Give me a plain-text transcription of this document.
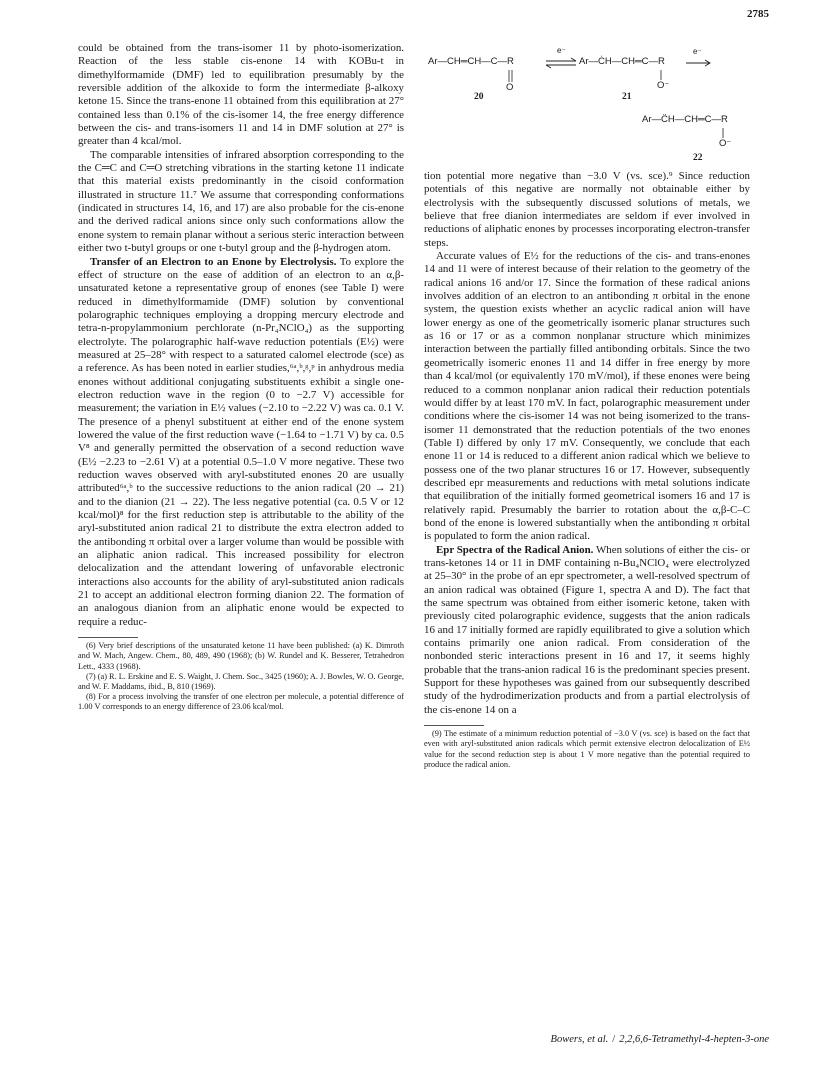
2785

could be obtained from the trans-isomer 11 by photo-isomerization. Reaction of the less stable cis-enone 14 with KOBu-t in dimethylformamide (DMF) led to equilibration presumably by the reversible addition of the alkoxide to form the intermediate β-alkoxy ketone 15. Since the trans-enone 11 obtained from this equilibration at 27° contained less than 0.1% of the cis-isomer 14, the free energy difference between the cis- and trans-isomers 11 and 14 in DMF solution at 27° is greater than 4 kcal/mol.

The comparable intensities of infrared absorption corresponding to the the C═C and C═O stretching vibrations in the starting ketone 11 indicate that this material exists predominantly in the cisoid conformation illustrated in structure 11.⁷ We assume that corresponding conformations (indicated in structures 14, 16, and 17) are also probable for the cis-enone and the derived radical anions since only such conformations allow the enone system to remain planar without a serious steric interaction between either two t-butyl groups or one t-butyl group and the β-hydrogen atom.

Transfer of an Electron to an Enone by Electrolysis. To explore the effect of structure on the ease of addition of an electron to an α,β-unsaturated ketone a representative group of enones (see Table I) were reduced in dimethylformamide (DMF) solution by conventional polarographic techniques employing a dropping mercury electrode and tetra-n-propylammonium perchlorate (n-Pr₄NClO₄) as the supporting electrolyte. The polarographic half-wave reduction potentials (E½) were measured at 25–28° with respect to a saturated calomel electrode (sce) as a reference. As has been noted in earlier studies,⁶ᵃ,ᵇ,ᵍ,ᵖ in anhydrous media enones without additional conjugating substituents exhibit a single one-electron reduction wave in the region (0 to −2.7 V) accessible for measurement; the variation in E½ values (−2.10 to −2.22 V) was ca. 0.1 V. The presence of a phenyl substituent at either end of the enone system lowered the value of the first reduction wave (−1.64 to −1.71 V) by ca. 0.5 V⁸ and generally permitted the observation of a second reduction wave (E½ −2.23 to −2.61 V) at a potential 0.5–1.0 V more negative. These two reduction waves observed with aryl-substituted enones 20 are usually attributed⁶ᵃ,ᵇ to the successive reductions to the anion radical (20 → 21) and to the dianion (21 → 22). The less negative potential (ca. 0.5 V or 12 kcal/mol)⁸ for the first reduction step is attributable to the ability of the aryl-substituted anion radical 21 to distribute the extra electron added to the antibonding π orbital over a larger volume than would be possible with an aliphatic anion radical. This increased possibility for electron delocalization and the attendant lowering of unfavorable electronic interactions also accounts for the ability of aryl-substituted anion radicals 21 to accept an additional electron forming dianion 22. The formation of an analogous dianion from an aliphatic enone would be expected to require a reduc-

(6) Very brief descriptions of the unsaturated ketone 11 have been published: (a) K. Dimroth and W. Mach, Angew. Chem., 80, 489, 490 (1968); (b) W. Rundel and K. Besserer, Tetrahedron Lett., 4333 (1968).

(7) (a) R. L. Erskine and E. S. Waight, J. Chem. Soc., 3425 (1960); A. J. Bowles, W. O. George, and W. F. Maddams, ibid., B, 810 (1969).

(8) For a process involving the transfer of one electron per molecule, a potential difference of 1.00 V corresponds to an energy difference of 23.06 kcal/mol.

Ar—CH═CH—C—R
O
e⁻
Ar—ĊH—CH═C—R
O⁻
e⁻
Ar—C̈H—CH═C—R
O⁻
20	21
22

tion potential more negative than −3.0 V (vs. sce).⁹ Since reduction potentials of this negative are normally not obtainable either by electrolysis with the subsequently discussed solutions of metals, we believe that free dianion intermediates are seldom if ever involved in reductions of aliphatic enones by processes incorporating electron-transfer steps.

Accurate values of E½ for the reductions of the cis- and trans-enones 14 and 11 were of interest because of their relation to the geometry of the radical anions 16 and/or 17. Since the formation of these radical anions involves addition of an electron to an antibonding π orbital in the enone system, the question exists whether an acyclic radical anion will have lower energy as one of the geometrically isomeric planar structures such as 16 or 17 or as a common nonplanar structure which minimizes interaction between the partially filled antibonding orbitals. Since the two geometrically isomeric enones 11 and 14 differ in free energy by more than 4 kcal/mol (or equivalently 170 mV/mol), if these enones were being reduced to a common nonplanar anion radical their reduction potentials would differ by at least 170 mV. In fact, polarographic measurement under conditions where the cis-isomer 14 was not being isomerized to the trans-isomer 11 demonstrated that the reduction potentials of the two enones (Table I) differed by only 17 mV. Consequently, we conclude that each enone 11 or 14 is reduced to a different anion radical which we believe to possess one of the two planar structures 16 or 17. However, subsequently described epr measurements and reductions with metal solutions indicate that equilibration of the initially formed geometrical isomers 16 and 17 is relatively rapid. Presumably the barrier to rotation about the α,β-C–C bond of the enone is lowered substantially when the antibonding π orbital is populated to form the anion radical.

Epr Spectra of the Radical Anion. When solutions of either the cis- or trans-ketones 14 or 11 in DMF containing n-Bu₄NClO₄ were electrolyzed at 25–30° in the probe of an epr spectrometer, a well-resolved spectrum of an anion radical was obtained (Figure 1, spectra A and D). The fact that the same spectrum was obtained from either isomeric ketone, taken with previously cited polarographic evidence, suggests that the anion radicals 16 and 17 initially formed are rapidly equilibrated to give a solution which contains primarily one anion radical. From consideration of the nonbonded steric interactions present in 16 and 17, it seems highly probable that the trans-anion radical 16 is the predominant species present. Support for these hypotheses was gained from our subsequently described study of the hydrodimerization products and from a partial electrolysis of the cis-enone 14 on a

(9) The estimate of a minimum reduction potential of −3.0 V (vs. sce) is based on the fact that even with aryl-substituted anion radicals which permit extensive electron delocalization of E½ value for the second reduction step is about 1 V more negative than the potential required to produce the radical anion.

Bowers, et al. / 2,2,6,6-Tetramethyl-4-hepten-3-one
